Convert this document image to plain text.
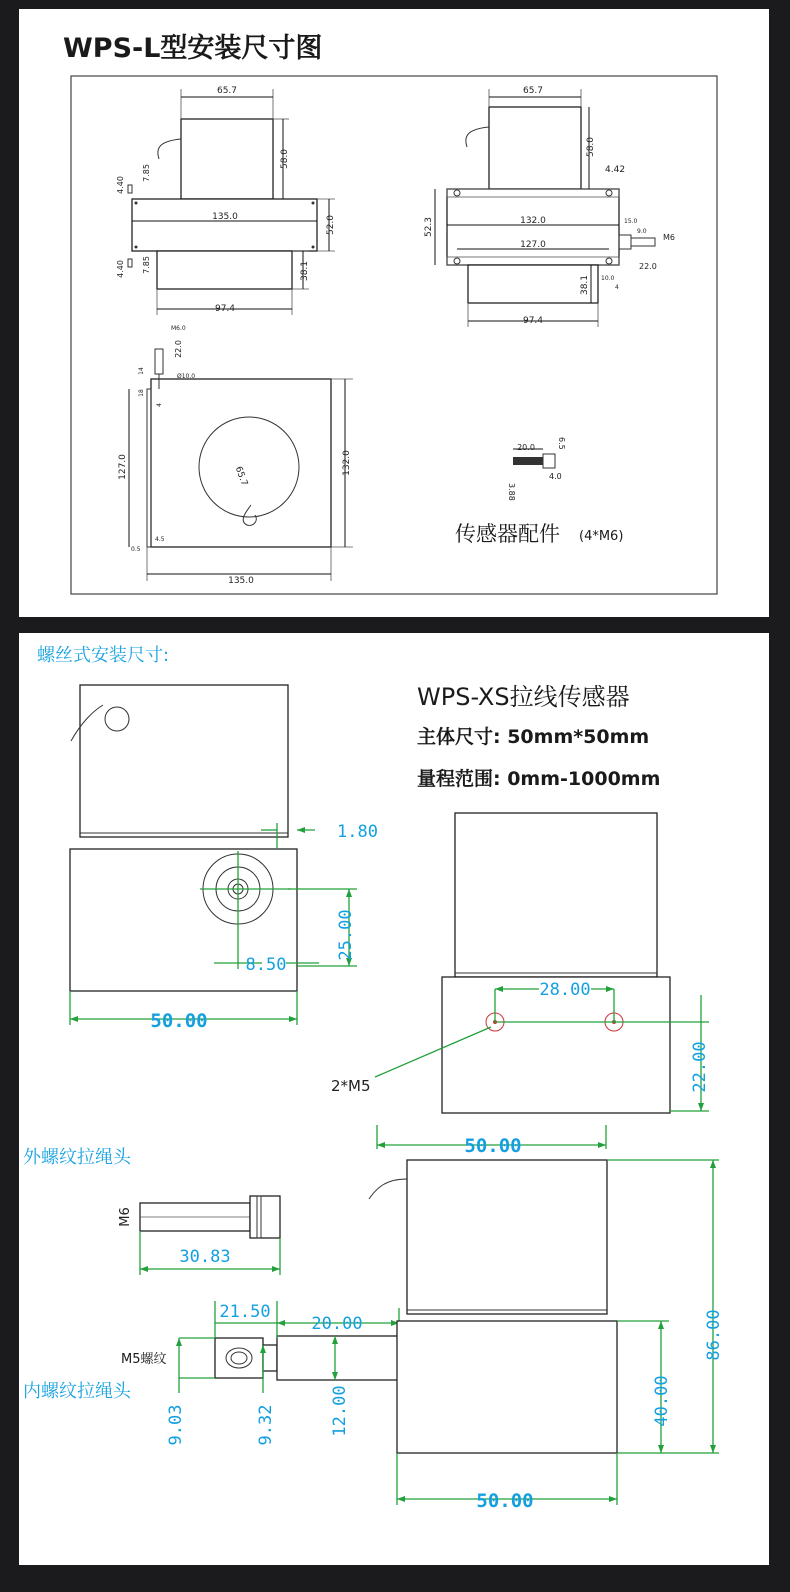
WPS-L型安装尺寸图
65.7
58.0
135.0	52.0
4.40
7.85
4.40 7.85	38.1
97.4
65.7
58.0
4.42
52.3	132.0
127.0
15.0
9.0
M6
22.0
10.0
4
38.1
97.4
M6.0
22.0
14
18
Ø10.0
4
127.0	132.0
65.7
4.5
0.5
135.0
20.0	6.5
3.88
4.0
传感器配件 (4*M6)
螺丝式安装尺寸:
WPS-XS拉线传感器
主体尺寸: 50mm*50mm
量程范围: 0mm-1000mm
1.80
25.00
8.50
50.00
28.00
22.00
2*M5
50.00
外螺纹拉绳头
30.83
M6
内螺纹拉绳头
M5螺纹
21.50
20.00
9.03	9.32	12.00
86.00
40.00
50.00
